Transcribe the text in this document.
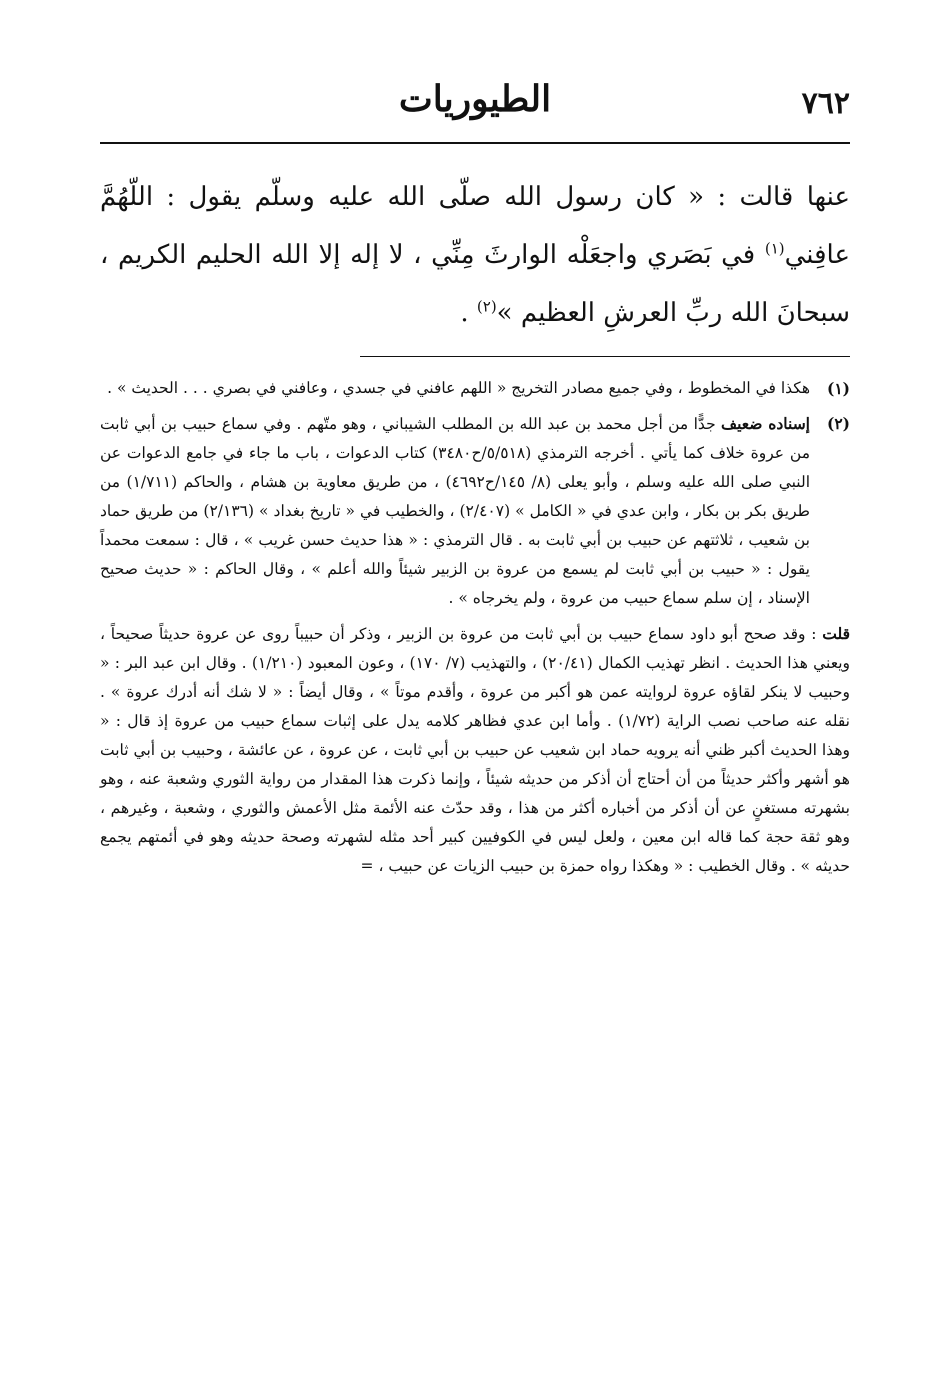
٧٦٢
الطيوريات

عنها قالت : « كان رسول الله صلّى الله عليه وسلّم يقول : اللّهُمَّ عافِني$^{(١)}$ في بَصَري واجعَلْه الوارثَ مِنِّي ، لا إله إلا الله الحليم الكريم ، سبحانَ الله ربِّ العرشِ العظيم »$^{(٢)}$ .

(١)
هكذا في المخطوط ، وفي جميع مصادر التخريج « اللهم عافني في جسدي ، وعافني في بصري . . . الحديث » .
(٢)
إسناده ضعيف جدًّا من أجل محمد بن عبد الله بن المطلب الشيباني ، وهو متّهم . وفي سماع حبيب بن أبي ثابت من عروة خلاف كما يأتي . أخرجه الترمذي (٥/٥١٨/ح٣٤٨٠) كتاب الدعوات ، باب ما جاء في جامع الدعوات عن النبي صلى الله عليه وسلم ، وأبو يعلى (٨/ ١٤٥/ح٤٦٩٢) ، من طريق معاوية بن هشام ، والحاكم (١/٧١١) من طريق بكر بن بكار ، وابن عدي في « الكامل » (٢/٤٠٧) ، والخطيب في « تاريخ بغداد » (٢/١٣٦) من طريق حماد بن شعيب ، ثلاثتهم عن حبيب بن أبي ثابت به . قال الترمذي : « هذا حديث حسن غريب » ، قال : سمعت محمداً يقول : « حبيب بن أبي ثابت لم يسمع من عروة بن الزبير شيئاً والله أعلم » ، وقال الحاكم : « حديث صحيح الإسناد ، إن سلم سماع حبيب من عروة ، ولم يخرجاه » .

قلت : وقد صحح أبو داود سماع حبيب بن أبي ثابت من عروة بن الزبير ، وذكر أن حبيباً روى عن عروة حديثاً صحيحاً ، ويعني هذا الحديث . انظر تهذيب الكمال (٢٠/٤١) ، والتهذيب (٧/ ١٧٠) ، وعون المعبود (١/٢١٠) . وقال ابن عبد البر : « وحبيب لا ينكر لقاؤه عروة لروايته عمن هو أكبر من عروة ، وأقدم موتاً » ، وقال أيضاً : « لا شك أنه أدرك عروة » . نقله عنه صاحب نصب الراية (١/٧٢) . وأما ابن عدي فظاهر كلامه يدل على إثبات سماع حبيب من عروة إذ قال : « وهذا الحديث أكبر ظني أنه يرويه حماد ابن شعيب عن حبيب بن أبي ثابت ، عن عروة ، عن عائشة ، وحبيب بن أبي ثابت هو أشهر وأكثر حديثاً من أن أحتاج أن أذكر من حديثه شيئاً ، وإنما ذكرت هذا المقدار من رواية الثوري وشعبة عنه ، وهو بشهرته مستغنٍ عن أن أذكر من أخباره أكثر من هذا ، وقد حدّث عنه الأئمة مثل الأعمش والثوري ، وشعبة ، وغيرهم ، وهو ثقة حجة كما قاله ابن معين ، ولعل ليس في الكوفيين كبير أحد مثله لشهرته وصحة حديثه وهو في أئمتهم يجمع حديثه » . وقال الخطيب : « وهكذا رواه حمزة بن حبيب الزيات عن حبيب ، =
